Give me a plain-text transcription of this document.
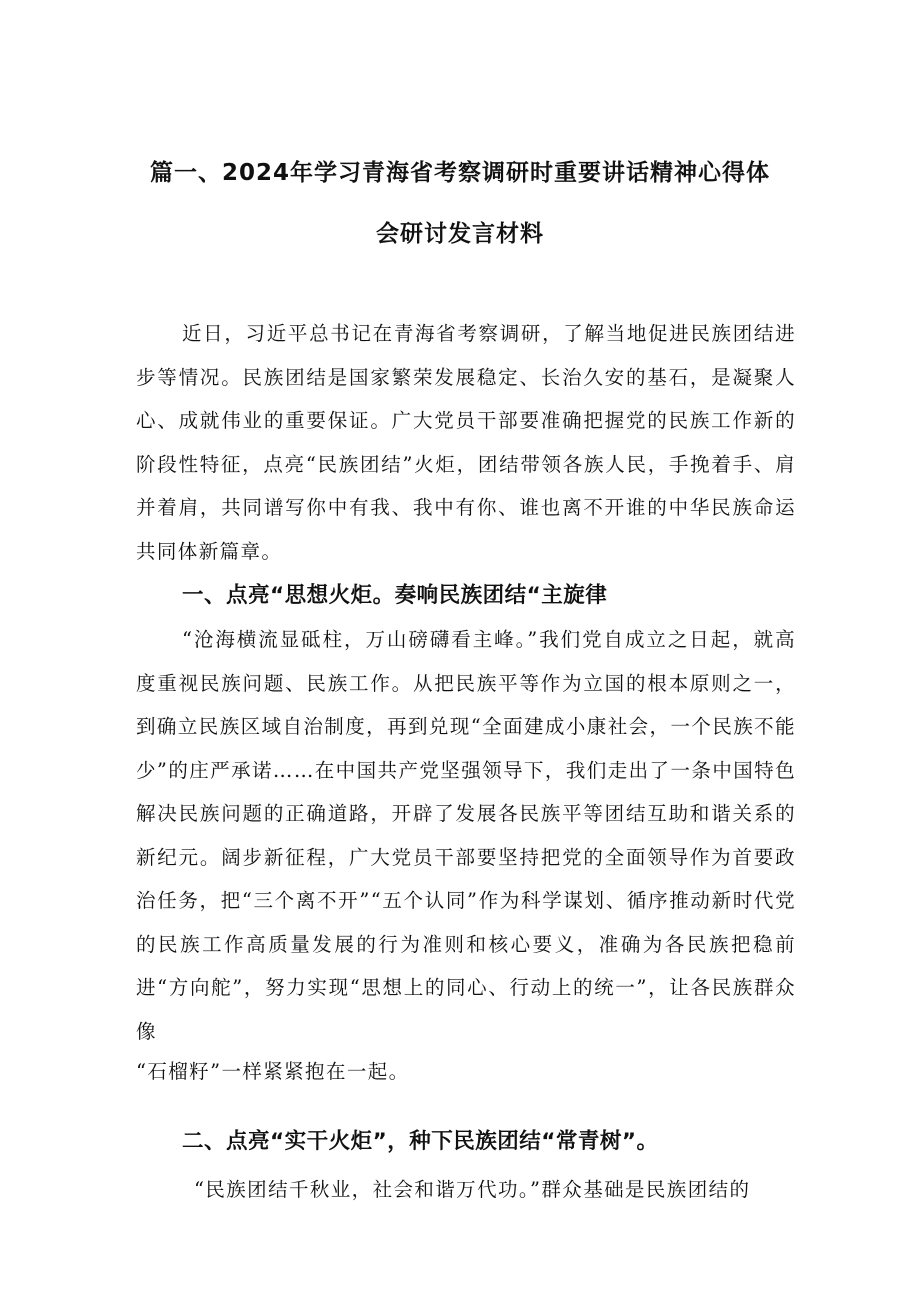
篇一、2024年学习青海省考察调研时重要讲话精神心得体
会研讨发言材料

近日，习近平总书记在青海省考察调研，了解当地促进民族团结进步等情况。民族团结是国家繁荣发展稳定、长治久安的基石，是凝聚人心、成就伟业的重要保证。广大党员干部要准确把握党的民族工作新的阶段性特征，点亮“民族团结”火炬，团结带领各族人民，手挽着手、肩并着肩，共同谱写你中有我、我中有你、谁也离不开谁的中华民族命运共同体新篇章。

一、点亮“思想火炬。奏响民族团结“主旋律

“沧海横流显砥柱，万山磅礴看主峰。”我们党自成立之日起，就高度重视民族问题、民族工作。从把民族平等作为立国的根本原则之一，到确立民族区域自治制度，再到兑现“全面建成小康社会，一个民族不能少”的庄严承诺……在中国共产党坚强领导下，我们走出了一条中国特色解决民族问题的正确道路，开辟了发展各民族平等团结互助和谐关系的新纪元。阔步新征程，广大党员干部要坚持把党的全面领导作为首要政治任务，把“三个离不开”“五个认同”作为科学谋划、循序推动新时代党的民族工作高质量发展的行为准则和核心要义，准确为各民族把稳前进“方向舵”，努力实现“思想上的同心、行动上的统一”，让各民族群众像

“石榴籽”一样紧紧抱在一起。

二、点亮“实干火炬”，种下民族团结“常青树”。

“民族团结千秋业，社会和谐万代功。”群众基础是民族团结的
